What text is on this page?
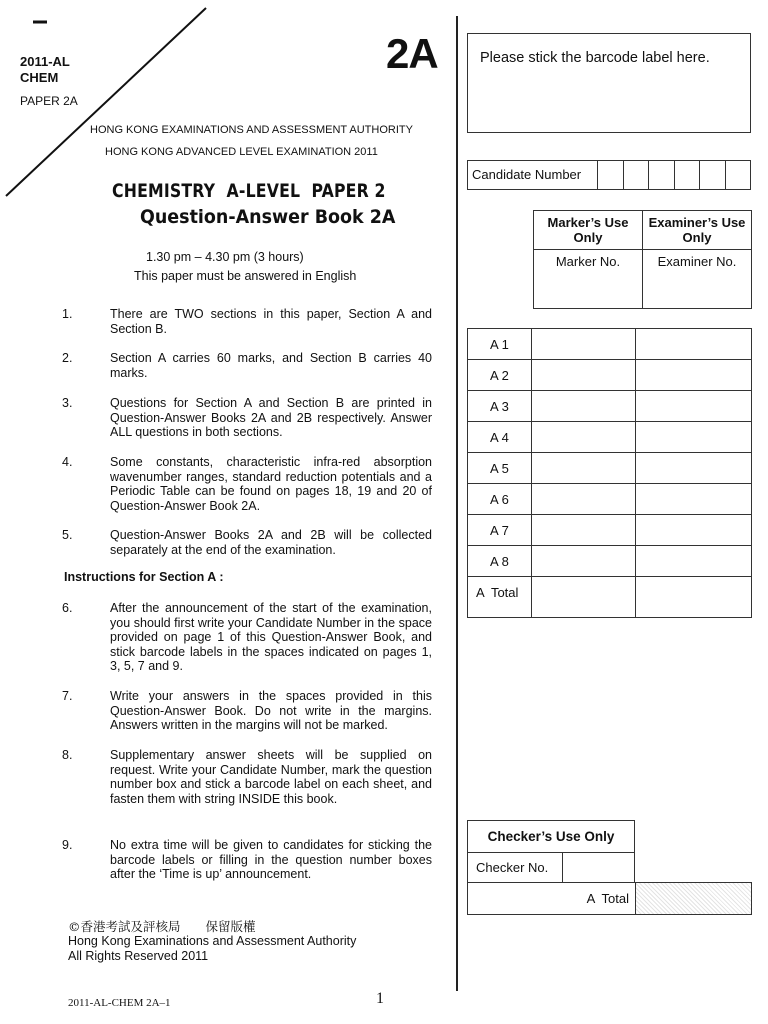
2011-AL
CHEM
PAPER 2A
2A
HONG KONG EXAMINATIONS AND ASSESSMENT AUTHORITY
HONG KONG ADVANCED LEVEL EXAMINATION 2011
CHEMISTRY  A-LEVEL  PAPER 2
Question-Answer Book 2A
1.30 pm – 4.30 pm (3 hours)
This paper must be answered in English
1.	There are TWO sections in this paper, Section A and Section B.
2.	Section A carries 60 marks, and Section B carries 40 marks.
3.	Questions for Section A and Section B are printed in Question-Answer Books 2A and 2B respectively. Answer ALL questions in both sections.
4.	Some constants, characteristic infra-red absorption wavenumber ranges, standard reduction potentials and a Periodic Table can be found on pages 18, 19 and 20 of Question-Answer Book 2A.
5.	Question-Answer Books 2A and 2B will be collected separately at the end of the examination.
Instructions for Section A :
6.	After the announcement of the start of the examination, you should first write your Candidate Number in the space provided on page 1 of this Question-Answer Book, and stick barcode labels in the spaces indicated on pages 1, 3, 5, 7 and 9.
7.	Write your answers in the spaces provided in this Question-Answer Book. Do not write in the margins. Answers written in the margins will not be marked.
8.	Supplementary answer sheets will be supplied on request. Write your Candidate Number, mark the question number box and stick a barcode label on each sheet, and fasten them with string INSIDE this book.
9.	No extra time will be given to candidates for sticking the barcode labels or filling in the question number boxes after the ‘Time is up’ announcement.
©香港考試及評核局　　保留版權
Hong Kong Examinations and Assessment Authority
All Rights Reserved 2011
2011-AL-CHEM 2A–1	1
Please stick the barcode label here.
Candidate Number
Marker’s Use Only	Examiner’s Use Only
Marker No.	Examiner No.
A 1		
A 2		
A 3		
A 4		
A 5		
A 6		
A 7		
A 8		
A  Total		
Checker’s Use Only
Checker No.
A  Total
